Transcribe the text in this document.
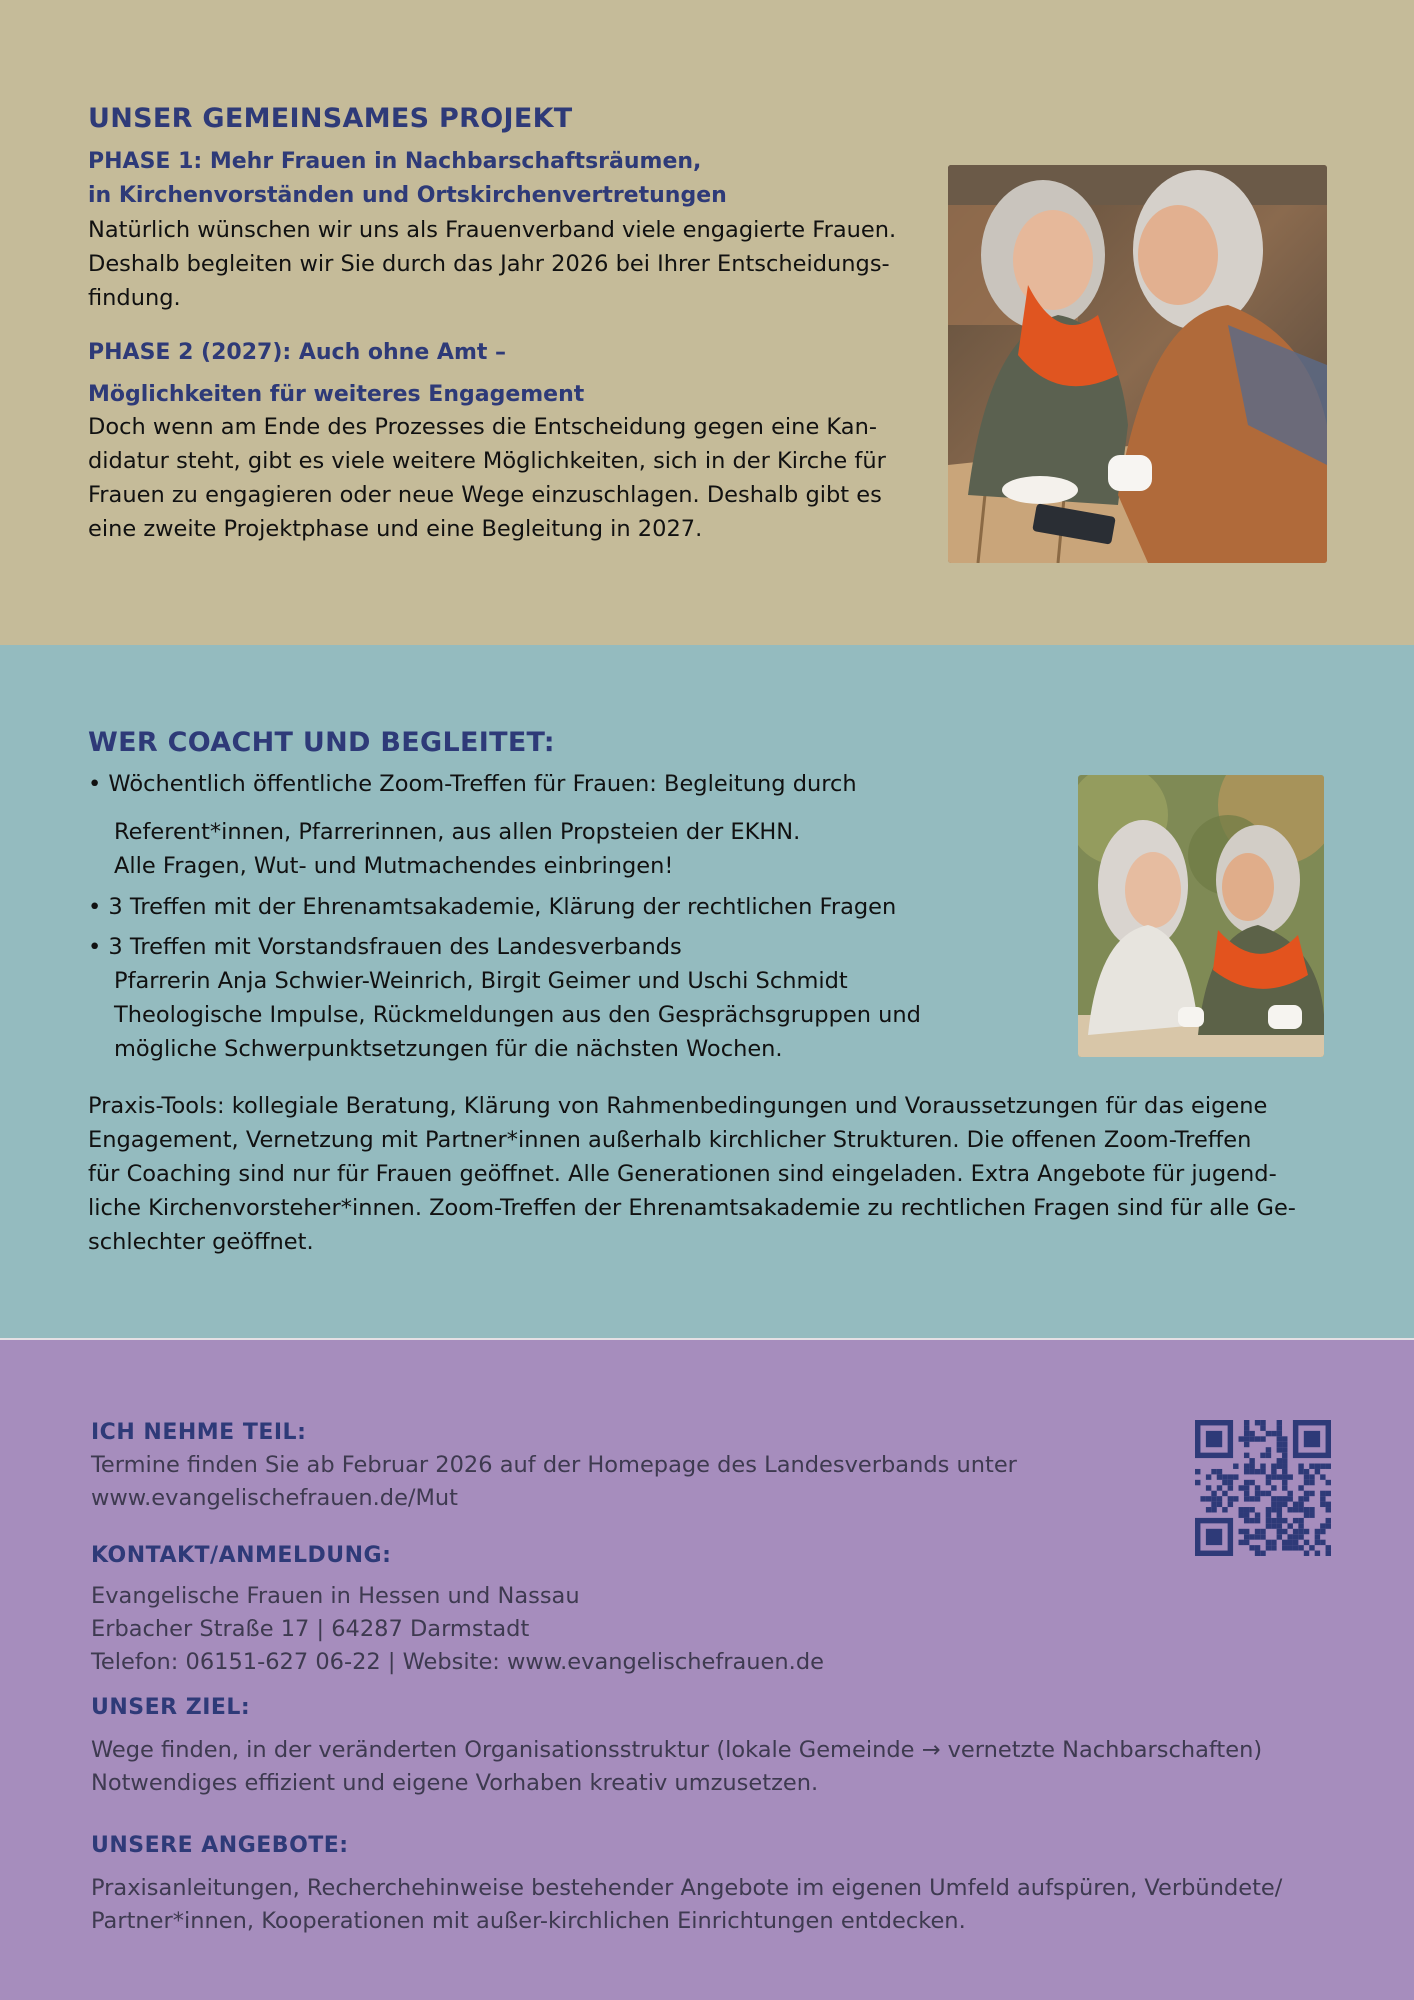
UNSER GEMEINSAMES PROJEKT
PHASE 1: Mehr Frauen in Nachbarschaftsräumen,
in Kirchenvorständen und Ortskirchenvertretungen
Natürlich wünschen wir uns als Frauenverband viele engagierte Frauen.
Deshalb begleiten wir Sie durch das Jahr 2026 bei Ihrer Entscheidungs-
findung.
PHASE 2 (2027): Auch ohne Amt –
Möglichkeiten für weiteres Engagement
Doch wenn am Ende des Prozesses die Entscheidung gegen eine Kan-
didatur steht, gibt es viele weitere Möglichkeiten, sich in der Kirche für
Frauen zu engagieren oder neue Wege einzuschlagen. Deshalb gibt es
eine zweite Projektphase und eine Begleitung in 2027.
WER COACHT UND BEGLEITET:
• Wöchentlich öffentliche Zoom-Treffen für Frauen: Begleitung durch
Referent*innen, Pfarrerinnen, aus allen Propsteien der EKHN.
Alle Fragen, Wut- und Mutmachendes einbringen!
• 3 Treffen mit der Ehrenamtsakademie, Klärung der rechtlichen Fragen
• 3 Treffen mit Vorstandsfrauen des Landesverbands
Pfarrerin Anja Schwier-Weinrich, Birgit Geimer und Uschi Schmidt
Theologische Impulse, Rückmeldungen aus den Gesprächsgruppen und
mögliche Schwerpunktsetzungen für die nächsten Wochen.
Praxis-Tools: kollegiale Beratung, Klärung von Rahmenbedingungen und Voraussetzungen für das eigene
Engagement, Vernetzung mit Partner*innen außerhalb kirchlicher Strukturen. Die offenen Zoom-Treffen
für Coaching sind nur für Frauen geöffnet. Alle Generationen sind eingeladen. Extra Angebote für jugend-
liche Kirchenvorsteher*innen. Zoom-Treffen der Ehrenamtsakademie zu rechtlichen Fragen sind für alle Ge-
schlechter geöffnet.
ICH NEHME TEIL:
Termine finden Sie ab Februar 2026 auf der Homepage des Landesverbands unter
www.evangelischefrauen.de/Mut
KONTAKT/ANMELDUNG:
Evangelische Frauen in Hessen und Nassau
Erbacher Straße 17 | 64287 Darmstadt
Telefon: 06151-627 06-22 | Website: www.evangelischefrauen.de
UNSER ZIEL:
Wege finden, in der veränderten Organisationsstruktur (lokale Gemeinde → vernetzte Nachbarschaften)
Notwendiges effizient und eigene Vorhaben kreativ umzusetzen.
UNSERE ANGEBOTE:
Praxisanleitungen, Recherchehinweise bestehender Angebote im eigenen Umfeld aufspüren, Verbündete/
Partner*innen, Kooperationen mit außer-kirchlichen Einrichtungen entdecken.
